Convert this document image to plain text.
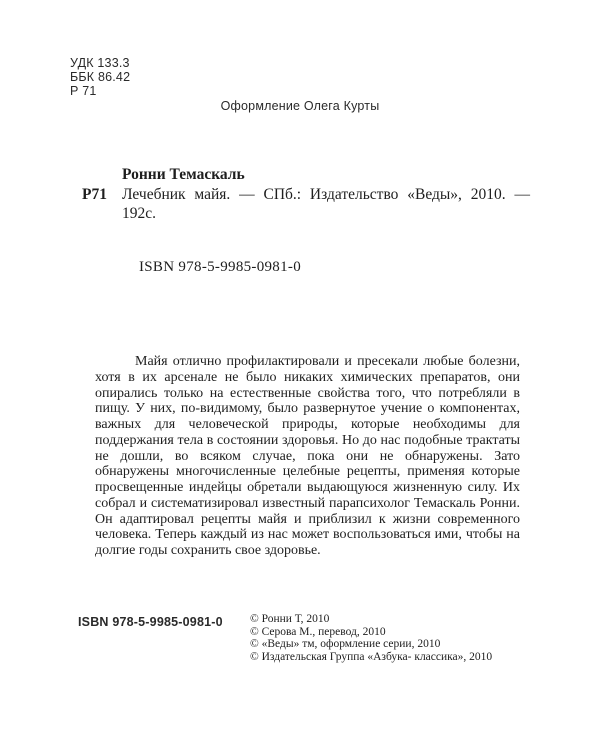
УДК 133.3
ББК 86.42
Р 71
Оформление Олега Курты
Ронни Темаскаль
Р71 Лечебник майя. — СПб.: Издательство «Веды», 2010. —
192с.
ISBN 978-5-9985-0981-0
Майя отлично профилактировали и пресекали любые болезни, хотя в их арсенале не было никаких химических препаратов, они опирались только на естественные свойства того, что потребляли в пищу. У них, по-видимому, было развернутое учение о компонентах, важных для человеческой природы, которые необходимы для поддержания тела в состоянии здоровья. Но до нас подобные трактаты не дошли, во всяком случае, пока они не обнаружены. Зато обнаружены многочисленные целебные рецепты, применяя которые просвещенные индейцы обретали выдающуюся жизненную силу. Их собрал и систематизировал известный парапсихолог Темаскаль Ронни. Он адаптировал рецепты майя и приблизил к жизни современного человека. Теперь каждый из нас может воспользоваться ими, чтобы на долгие годы сохранить свое здоровье.
ISBN 978-5-9985-0981-0 © Ронни Т, 2010
© Серова М., перевод, 2010
© «Веды» тм, оформление серии, 2010
© Издательская Группа «Азбука- классика», 2010
